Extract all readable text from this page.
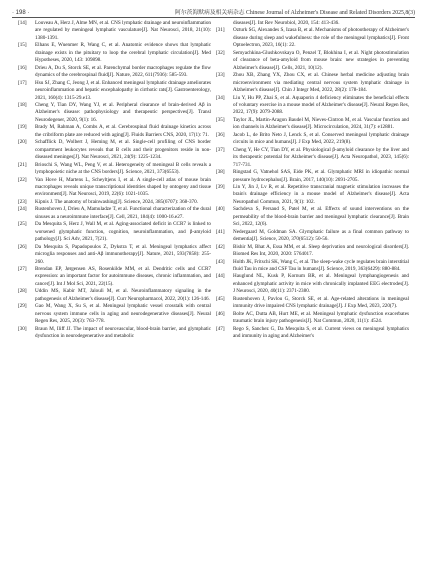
· 198 ·	阿尔茨海默病及相关病杂志 Chinese Journal of Alzheimer's Disease and Related Disorders 2025,8(3)
[14]	Louveau A, Herz J, Alme MN, et al. CNS lymphatic drainage and neuroinflammation are regulated by meningeal lymphatic vasculature[J]. Nat Neurosci, 2018, 21(10): 1380-1391.
[15]	Elhans E, Wuenmer R, Wang C, et al. Anatomic evidence shows that lymphatic drainage exists in the pituitary to loop the cerebral lymphatic circulation[J]. Med Hypotheses, 2020, 143: 109898.
[16]	Drieu A, Du S, Storck SE, et al. Parenchymal border macrophages regulate the flow dynamics of the cerebrospinal fluid[J]. Nature, 2022, 611(7936): 585-593.
[17]	Hsu SJ, Zhang C, Jeong J, et al. Enhanced meningeal lymphatic drainage ameliorates neuroinflammation and hepatic encephalopathy in cirrhotic rats[J]. Gastroenterology, 2021, 160(4): 1315-29.e13.
[18]	Cheng Y, Tian DY, Wang YJ, et al. Peripheral clearance of brain-derived Aβ in Alzheimer's disease: pathophysiology and therapeutic perspectives[J]. Transl Neurodegener, 2020, 9(1): 16.
[19]	Brady M, Rahman A, Combs A, et al. Cerebrospinal fluid drainage kinetics across the cribriform plate are reduced with aging[J]. Fluids Barriers CNS, 2020, 17(1): 71.
[20]	Schafflick D, Wolbert J, Heming M, et al. Single-cell profiling of CNS border compartment leukocytes reveals that B cells and their progenitors reside in non-diseased meninges[J]. Nat Neurosci, 2021, 24(9): 1225-1234.
[21]	Brioschi S, Wang WL, Peng V, et al. Heterogeneity of meningeal B cells reveals a lymphopoietic niche at the CNS borders[J]. Science, 2021, 373(6553).
[22]	Van Hove H, Martens L, Scheyltjens I, et al. A single-cell atlas of mouse brain macrophages reveals unique transcriptional identities shaped by ontogeny and tissue environment[J]. Nat Neurosci, 2019, 22(6): 1021-1035.
[23]	Kipnis J. The anatomy of brainwashing[J]. Science, 2024, 385(6707): 368-370.
[24]	Rustenhoven J, Drieu A, Mamuladze T, et al. Functional characterization of the dural sinuses as a neuroimmune interface[J]. Cell, 2021, 184(4): 1000-16.e27.
[25]	Da Mesquita S, Herz J, Wall M, et al. Aging-associated deficit in CCR7 is linked to worsened glymphatic function, cognition, neuroinflammation, and β-amyloid pathology[J]. Sci Adv, 2021, 7(21).
[26]	Da Mesquita S, Papadopoulos Z, Dykstra T, et al. Meningeal lymphatics affect microglia responses and anti-Aβ immunotherapy[J]. Nature, 2021, 593(7858): 255-260.
[27]	Brendan EP, Jørgensen AS, Rosenkilde MM, et al. Dendritic cells and CCR7 expression: an important factor for autoimmune diseases, chronic inflammation, and cancer[J]. Int J Mol Sci, 2021, 22(15).
[28]	Uddin MS, Kabir MT, Jalouli M, et al. Neuroinflammatory signaling in the pathogenesis of Alzheimer's disease[J]. Curr Neuropharmacol, 2022, 20(1): 126-146.
[29]	Gao M, Wang X, Su S, et al. Meningeal lymphatic vessel crosstalk with central nervous system immune cells in aging and neurodegenerative diseases[J]. Neural Regen Res, 2025, 20(3): 763-778.
[30]	Braun M, Iliff JJ. The impact of neurovascular, blood-brain barrier, and glymphatic dysfunction in neurodegenerative and metabolic
diseases[J]. Int Rev Neurobiol, 2020, 154: 413-436.
[31]	Ozturk SG, Alexandes S, Izasa B, et al. Mechanisms of photootherapy of Alzheimer's disease during sleep and wakefulness: the role of the meningeal lymphatics[J]. Front Optoelectron, 2023, 16(1): 22.
[32]	Semyachkina-Glushkovskaya O, Penzel T, Blokhina I, et al. Night photostimulation of clearance of beta-amyloid from mouse brain: new strategies in preventing Alzheimer's disease[J]. Cells, 2021, 10(12).
[33]	Zhou XB, Zhang YX, Zhou CX, et al. Chinese herbal medicine adjusting brain microenvironment via mediating central nervous system lymphatic drainage in Alzheimer's disease[J]. Chin J Integr Med, 2022, 28(2): 178-184.
[34]	Liu Y, Hu PP, Zhai S, et al. Aquaporin 4 deficiency eliminates the beneficial effects of voluntary exercise in a mouse model of Alzheimer's disease[J]. Neural Regen Res, 2022, 17(9): 2079-2088.
[35]	Taylor JL, Martin-Aragon Baudel M, Nieves-Cintron M, et al. Vascular function and ion channels in Alzheimer's disease[J]. Microcirculation, 2024, 31(7): e12881.
[36]	Jacob L, de Brito Neto J, Lenck S, et al. Conserved meningeal lymphatic drainage circuits in mice and humans[J]. J Exp Med, 2022, 219(8).
[37]	Cheng Y, He CY, Tian DY, et al. Physiological β-amyloid clearance by the liver and its therapeutic potential for Alzheimer's disease[J]. Acta Neuropathol, 2023, 145(6): 717-731.
[38]	Ringstad G, Vatnehol SAS, Eide PK, et al. Glymphatic MRI in idiopathic normal pressure hydrocephalus[J]. Brain, 2017, 140(10): 2691-2705.
[39]	Lin Y, Jin J, Lv R, et al. Repetitive transcranial magnetic stimulation increases the brain's drainage efficiency in a mouse model of Alzheimer's disease[J]. Acta Neuropathol Commun, 2021, 9(1): 102.
[40]	Sachdeva S, Persaud S, Patel M, et al. Effects of sound interventions on the permeability of the blood-brain barrier and meningeal lymphatic clearance[J]. Brain Sci, 2022, 12(6).
[41]	Nedergaard M, Goldman SA. Glymphatic failure as a final common pathway to dementia[J]. Science, 2020, 370(6512): 50-56.
[42]	Bishir M, Bhat A, Essa MM, et al. Sleep deprivation and neurological disorders[J]. Biomed Res Int, 2020, 2020: 5764017.
[43]	Holth JK, Fritschi SK, Wang C, et al. The sleep-wake cycle regulates brain interstitial fluid Tau in mice and CSF Tau in humans[J]. Science, 2019, 363(6429): 880-884.
[44]	Hauglund NL, Kusk P, Kornum BR, et al. Meningeal lymphangiogenesis and enhanced glymphatic activity in mice with chronically implanted EEG electrodes[J]. J Neurosci, 2020, 40(11): 2371-2380.
[45]	Rustenhoven J, Pavlou G, Storck SE, et al. Age-related alterations in meningeal immunity drive impaired CNS lymphatic drainage[J]. J Exp Med, 2023, 220(7).
[46]	Bolte AC, Dutta AB, Hurt ME, et al. Meningeal lymphatic dysfunction exacerbates traumatic brain injury pathogenesis[J]. Nat Commun, 2020, 11(1): 4524.
[47]	Rego S, Sanchez G, Da Mesquita S, et al. Current views on meningeal lymphatics and immunity in aging and Alzheimer's
